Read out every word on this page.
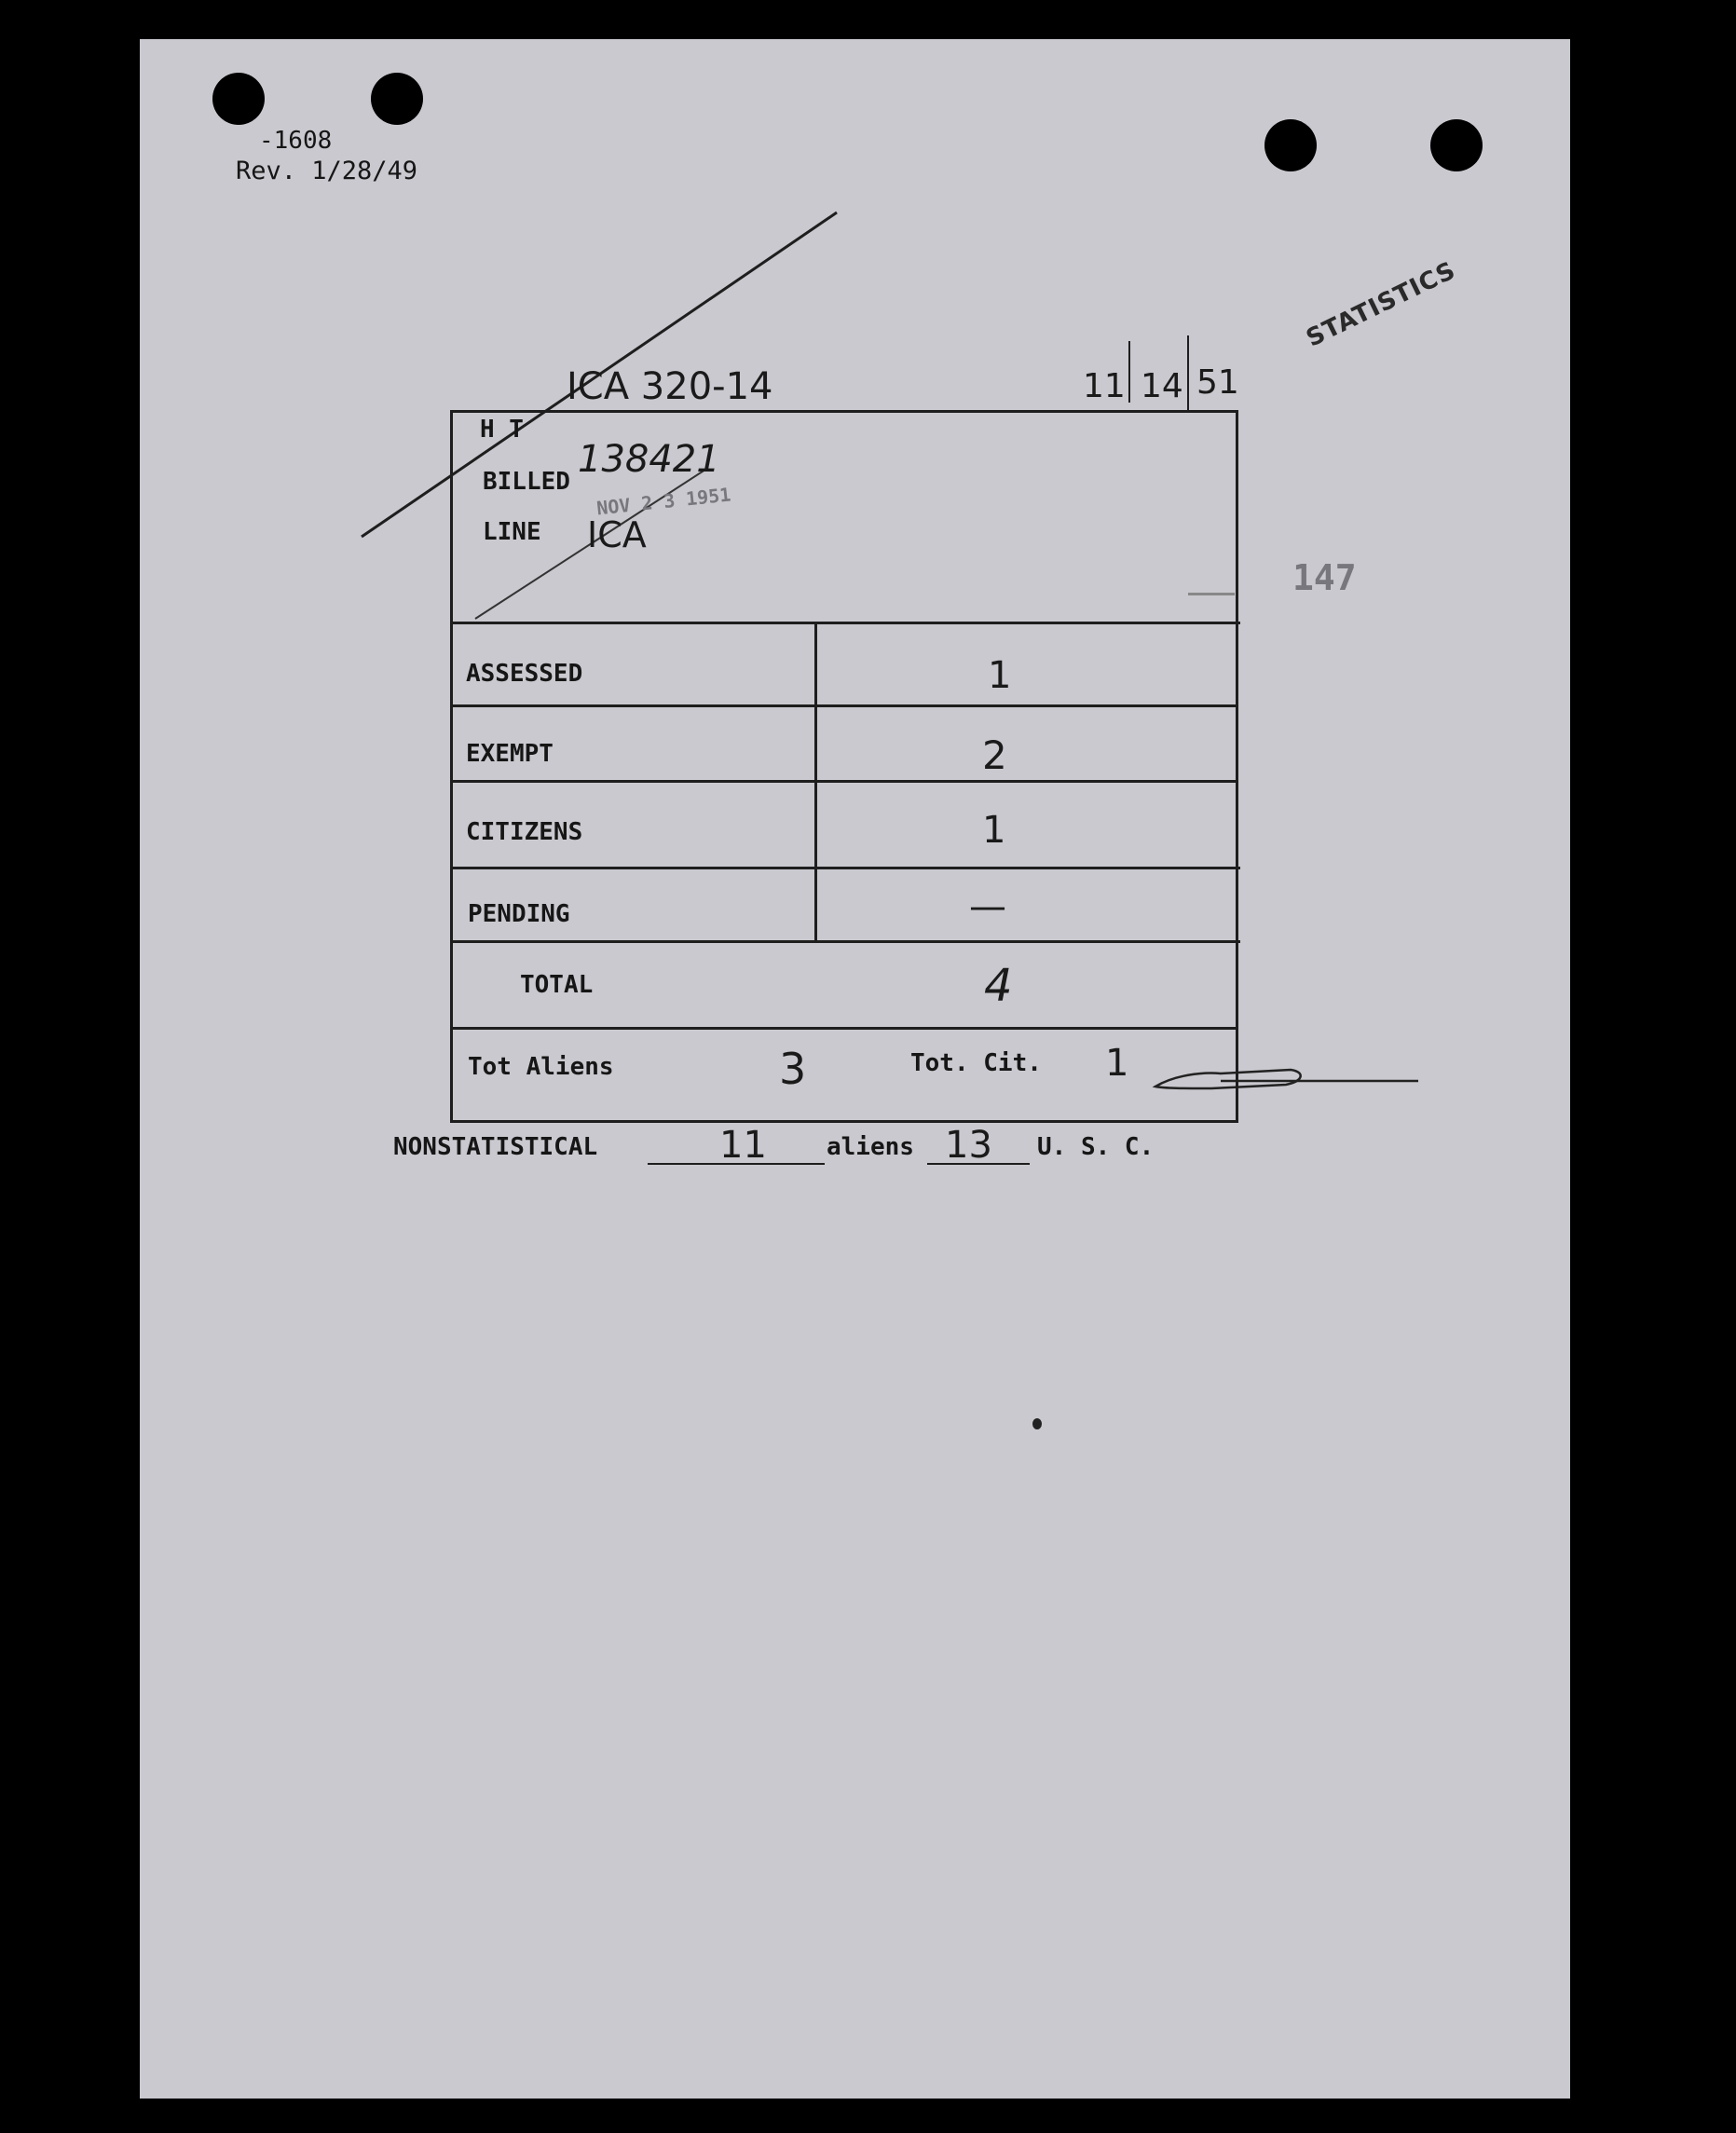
-1608
Rev. 1/28/49
STATISTICS
ICA 320-14	11 14 51
147
H T
BILLED
138421
NOV 2 3 1951
LINE ICA
ASSESSED	1
EXEMPT	2
CITIZENS	1
PENDING	—
TOTAL	4
Tot Aliens	3	Tot. Cit. 1
NONSTATISTICAL	11 aliens 13 U. S. C.
